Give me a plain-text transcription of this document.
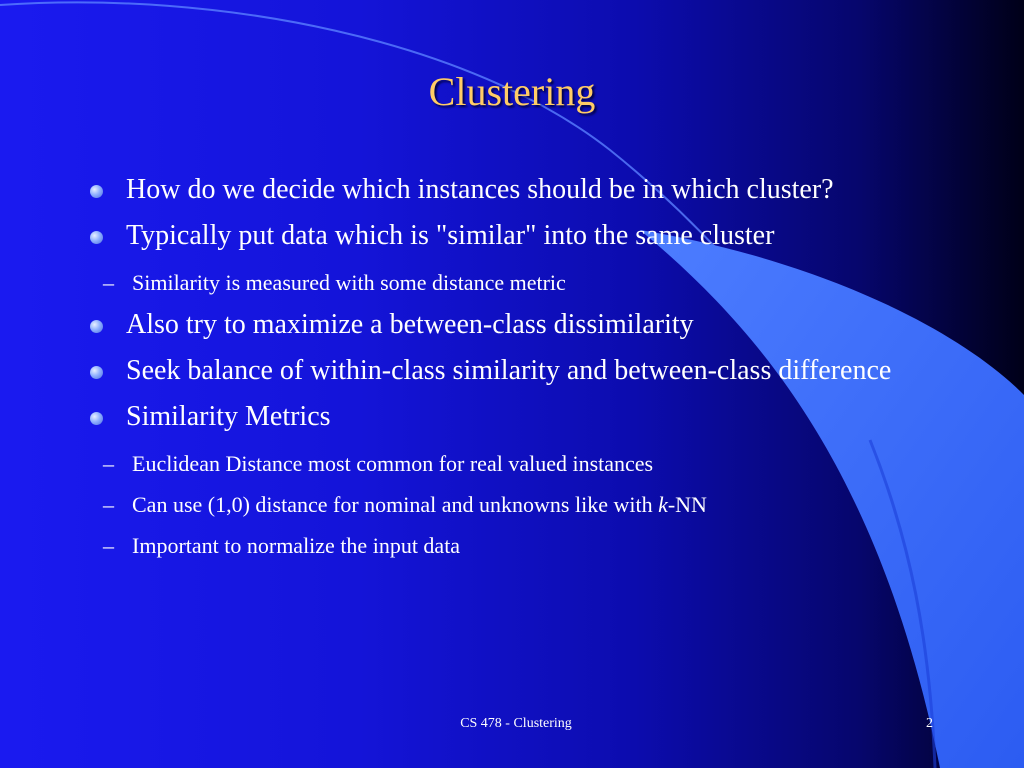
Clustering
How do we decide which instances should be in which cluster?
Typically put data which is "similar" into the same cluster
– Similarity is measured with some distance metric
Also try to maximize a between-class dissimilarity
Seek balance of within-class similarity and between-class difference
Similarity Metrics
– Euclidean Distance most common for real valued instances
– Can use (1,0) distance for nominal and unknowns like with k-NN
– Important to normalize the input data
CS 478 - Clustering	2
